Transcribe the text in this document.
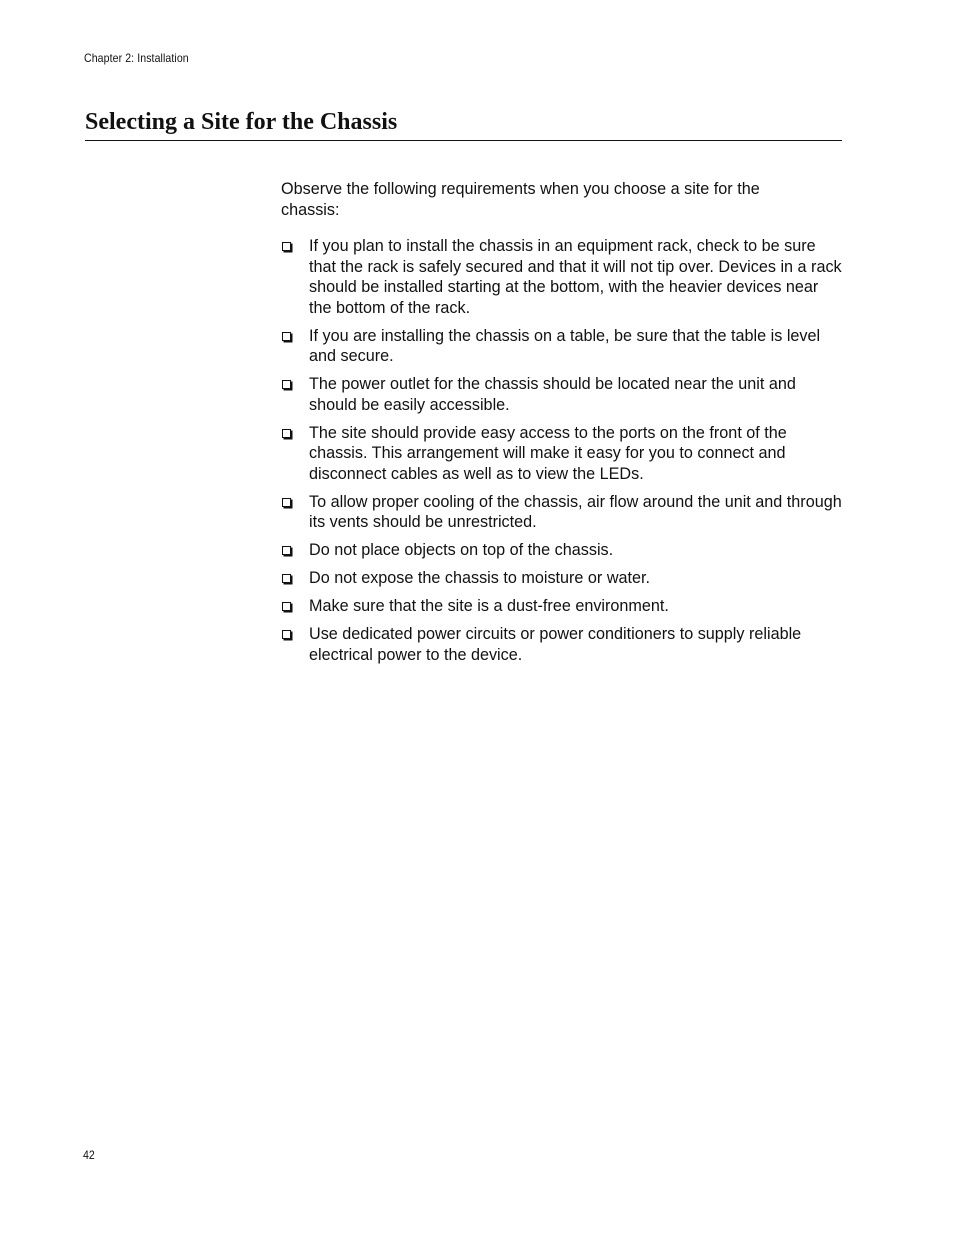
Chapter 2: Installation
Selecting a Site for the Chassis

Observe the following requirements when you choose a site for the chassis:

If you plan to install the chassis in an equipment rack, check to be sure that the rack is safely secured and that it will not tip over. Devices in a rack should be installed starting at the bottom, with the heavier devices near the bottom of the rack.
If you are installing the chassis on a table, be sure that the table is level and secure.
The power outlet for the chassis should be located near the unit and should be easily accessible.
The site should provide easy access to the ports on the front of the chassis. This arrangement will make it easy for you to connect and disconnect cables as well as to view the LEDs.
To allow proper cooling of the chassis, air flow around the unit and through its vents should be unrestricted.
Do not place objects on top of the chassis.
Do not expose the chassis to moisture or water.
Make sure that the site is a dust-free environment.
Use dedicated power circuits or power conditioners to supply reliable electrical power to the device.
42
